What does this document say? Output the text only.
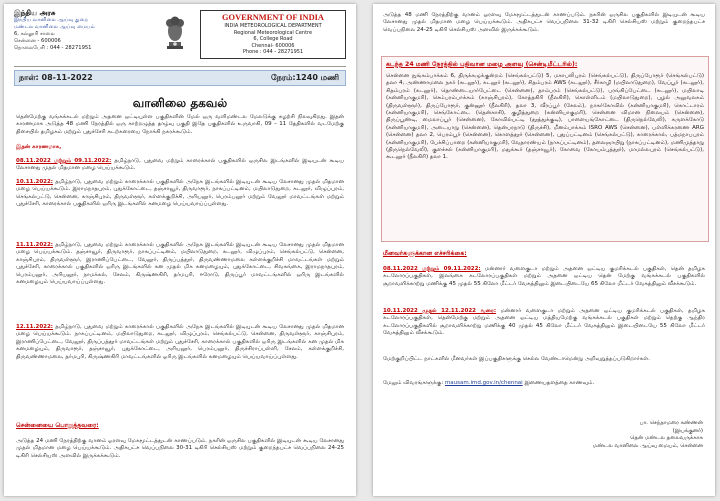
இந்திய அரசு
இந்திய வானிலை ஆய்வு துறை
மண்டல வானிலை ஆய்வு மையம்
6, கல்லூரி சாலை
சென்னை - 600006
தொலைபேசி : 044 - 28271951
GOVERNMENT OF INDIA
INDIA METEOROLOGICAL DEPARTMENT
Regional Meteorological Centre
6, College Road
Chennai- 600006
Phone : 044 - 28271951
நாள்: 08-11-2022	நேரம்:1240 மணி
வானிலை தகவல்
தென்மேற்கு வங்கக்கடல் மற்றும் அதனை ஒட்டியுள்ள பகுதிகளின் மேல் ஒரு வளிமண்டல மேலடுக்கு சுழற்சி நிலவுகிறது. இதன் காரணமாக அடுத்த 48 மணி நேரத்தில் ஒரு காற்றழுத்த தாழ்வு பகுதி இதே பகுதிகளில் உருவாகி, 09 – 11 தேதிகளில் வடமேற்கு திசையில் தமிழகம் மற்றும் புதுச்சேரி கடற்கரையை நோக்கி நகரக்கூடும்.
இதன் காரணமாக,
08.11.2022 மற்றும் 09.11.2022: தமிழ்நாடு, புதுவை மற்றும் காரைக்கால் பகுதிகளில் ஒருசில இடங்களில் இடியுடன் கூடிய லேசானது முதல் மிதமான மழை பெய்யக்கூடும்.
10.11.2022: தமிழ்நாடு, புதுவை மற்றும் காரைக்கால் பகுதிகளில் அநேக இடங்களில் இடியுடன் கூடிய லேசானது முதல் மிதமான மழை பெய்யக்கூடும். இராமநாதபுரம், புதுக்கோட்டை, தஞ்சாவூர், திருவாரூர், நாகப்பட்டினம், மயிலாடுதுறை, கடலூர், விழுப்புரம், செங்கல்பட்டு, சென்னை, காஞ்சிபுரம், திருவள்ளூர், கள்ளக்குறிச்சி, அரியலூர், பெரம்பலூர் மற்றும் வேலூர் மாவட்டங்கள் மற்றும் புதுச்சேரி, காரைக்கால் பகுதிகளில் ஒரிரு இடங்களில் கனமழை பெய்யவாய்ப்புள்ளது.
11.11.2022: தமிழ்நாடு, புதுவை மற்றும் காரைக்கால் பகுதிகளில் அநேக இடங்களில் இடியுடன் கூடிய லேசானது முதல் மிதமான மழை பெய்யக்கூடும். தஞ்சாவூர், திருவாரூர், நாகப்பட்டினம், மயிலாடுதுறை, கடலூர், விழுப்புரம், செங்கல்பட்டு, சென்னை, காஞ்சிபுரம், திருவள்ளூர், இராணிப்பேட்டை, வேலூர், திருப்பத்தூர், திருவண்ணாமலை கள்ளக்குறிச்சி மாவட்டங்கள் மற்றும் புதுச்சேரி, காரைக்கால் பகுதிகளில் ஒரிரு இடங்களில் கன முதல் மிக கனமழையும், புதுக்கோட்டை, சிவகங்கை, இராமநாதபுரம், பெரம்பலூர், அரியலூர், நாமக்கல், சேலம், கிருஷ்ணகிரி, தர்மபுரி, ஈரோடு, திருப்பூர் மாவட்டங்களில் ஒரிரு இடங்களில் கனமழையும் பெய்யவாய்ப்புள்ளது.
12.11.2022: தமிழ்நாடு, புதுவை மற்றும் காரைக்கால் பகுதிகளில் அநேக இடங்களில் இடியுடன் கூடிய லேசானது முதல் மிதமான மழை பெய்யக்கூடும். நாகப்பட்டினம், மயிலாடுதுறை, கடலூர், விழுப்புரம், செங்கல்பட்டு, சென்னை, திருவள்ளூர், காஞ்சிபுரம், இராணிப்பேட்டை, வேலூர், திருப்பத்தூர் மாவட்டங்கள் மற்றும் புதுச்சேரி, காரைக்கால் பகுதிகளில் ஒரிரு இடங்களில் கன முதல் மிக கனமழையும், திருவாரூர், தஞ்சாவூர், புதுக்கோட்டை, அரியலூர், பெரம்பலூர், திருச்சிராப்பள்ளி, சேலம், கள்ளக்குறிச்சி, திருவண்ணாமலை, தர்மபுரி, கிருஷ்ணகிரி மாவட்டங்களில் ஓரிரு இடங்களில் கனமழையும் பெய்யவாய்ப்புள்ளது.
சென்னையை பொறுத்தவரை:
அடுத்த 24 மணி நேரத்திற்கு வானம் ஓரளவு மேகமூட்டத்துடன் காணப்படும். நகரின் ஒருசில பகுதிகளில் இடியுடன் கூடிய லேசானது முதல் மிதமான மழை பெய்யக்கூடும். அதிகபட்ச வெப்பநிலை 30-31 டிகிரி செல்சியஸ் மற்றும் குறைந்தபட்ச வெப்பநிலை 24-25 டிகிரி செல்சியஸ் அளவில் இருக்கக்கூடும்.
அடுத்த 48 மணி நேரத்திற்கு வானம் ஓரளவு மேகமூட்டத்துடன் காணப்படும். நகரின் ஒருசில பகுதிகளில் இடியுடன் கூடிய லேசானது முதல் மிதமான மழை பெய்யக்கூடும். அதிகபட்ச வெப்பநிலை 31-32 டிகிரி செல்சியஸ் மற்றும் குறைந்தபட்ச வெப்பநிலை 24-25 டிகிரி செல்சியஸ் அளவில் இருக்கக்கூடும்.
கடந்த 24 மணி நேரத்தில் பதிவான மழை அளவு (சென்டிமீட்டரில்):
சென்னை நுங்கம்பாக்கம் 6, திருக்கழுக்குன்றம் (செங்கல்பட்டு) 5, மகாபலிபுரம் (செங்கல்பட்டு), திருப்போரூர் (செங்கல்பட்டு) தலா 4, அண்ணாமலை நகர் (கடலூர்), கடலூர் (கடலூர்), சிதம்பரம் AWS (கடலூர்), சீர்காழி (மயிலாடுதுறை), வேப்பூர் (கடலூர்), சிதம்பரம் (கடலூர்), தொண்டையார்பேட்டை (சென்னை), தாம்பரம் (செங்கல்பட்டு), பரங்கிப்பேட்டை (கடலூர்), மயிலாடி (கன்னியாகுமரி), செம்பரம்பாக்கம் (காஞ்சிபுரம்), கோத்தகிரி (நீலகிரி), கொள்ளிடம் (மயிலாடுதுறை), புழல் அலுவலகம் (திருவள்ளூர்), திருப்போரூர், குன்னூர் (நீலகிரி), தலா 3, வீரப்பூர் (சேலம்), நாகர்கோவில் (கன்னியாகுமரி), கொட்டாரம் (கன்னியாகுமரி), செங்கோட்டை (தென்காசி), குழித்துறை (கன்னியாகுமரி), சென்னை விமான நிலையம் (சென்னை), திருப்பூண்டி, மைலாப்பூர் (சென்னை), கோவில்பட்டி (தூத்துக்குடி), பாளையங்கோட்டை (திருநெல்வேலி), சுருளக்கோடு (கன்னியாகுமரி), அடையாறு (சென்னை), தென்பரநாடு (திருச்சி), மீனம்பாக்கம் ISRO AWS (சென்னை), பள்ளிக்கரணை ARG (சென்னை) தலா 2, பெரம்பூர் (சென்னை), கொளத்தூர் (சென்னை), புதுப்பட்டினம் (செங்கல்பட்டு), காரைக்கால், பத்மநாபபுரம் (கன்னியாகுமரி), பேச்சிப்பாறை (கன்னியாகுமரி), வேதாரண்யம் (நாகப்பட்டினம்), தலைஞாயிறு (நாகப்பட்டினம்), மணிமுத்தாறு (திருநெல்வேலி), குளச்சல் (கன்னியாகுமரி), மதுக்கூர் (தஞ்சாவூர்), கோவை (கோயம்புத்தூர்), மாமல்லபுரம் (செங்கல்பட்டு), கூடலூர் (நீலகிரி) தலா 1.
மீனவர்களுக்கான எச்சரிக்கை:
08.11.2022 மற்றும் 09.11.2022: மன்னார் வளைகுடா மற்றும் அதனை ஒட்டிய குமரிக்கடல் பகுதிகள், தென் தமிழக கடலோரப்பகுதிகள், இலங்கை கடலோரப்பகுதிகள் மற்றும் அதனை ஒட்டிய தென் மேற்கு வங்கக்கடல் பகுதிகளில் சூறாவளிக்காற்று மணிக்கு 45 முதல் 55 கிலோ மீட்டர் வேகத்திலும் இடையிடையே 65 கிலோ மீட்டர் வேகத்திலும் வீசக்கூடும்.
10.11.2022 முதல் 12.11.2022 வரை: மன்னார் வளைகுடா மற்றும் அதனை ஒட்டிய குமரிக்கடல் பகுதிகள், தமிழக கடலோரப்பகுதிகள், தென்மேற்கு மற்றும் அதனை ஒட்டிய மத்தியமேற்கு வங்கக்கடல் பகுதிகள் மற்றும் தெற்கு ஆந்திர கடலோரப்பகுதிகளில் சூறாவளிக்காற்று மணிக்கு 40 முதல் 45 கிலோ மீட்டர் வேகத்திலும் இடையிடையே 55 கிலோ மீட்டர் வேகத்திலும் வீசக்கூடும்.
மேற்குறிப்பிட்ட நாட்களில் மீனவர்கள் இப்பகுதிகளுக்கு செல்ல வேண்டாமென்று அறிவுறுத்தப்படுகிறார்கள்.
மேலும் விவரங்களுக்கு: mausam.imd.gov.in/chennai இணையதளத்தை காணவும்.
பா. செந்தாமரை கண்ணன்
(இயக்குனர்)
தென் மண்டல தலைவருக்காக
மண்டல வானிலை ஆய்வு மையம், சென்னை
